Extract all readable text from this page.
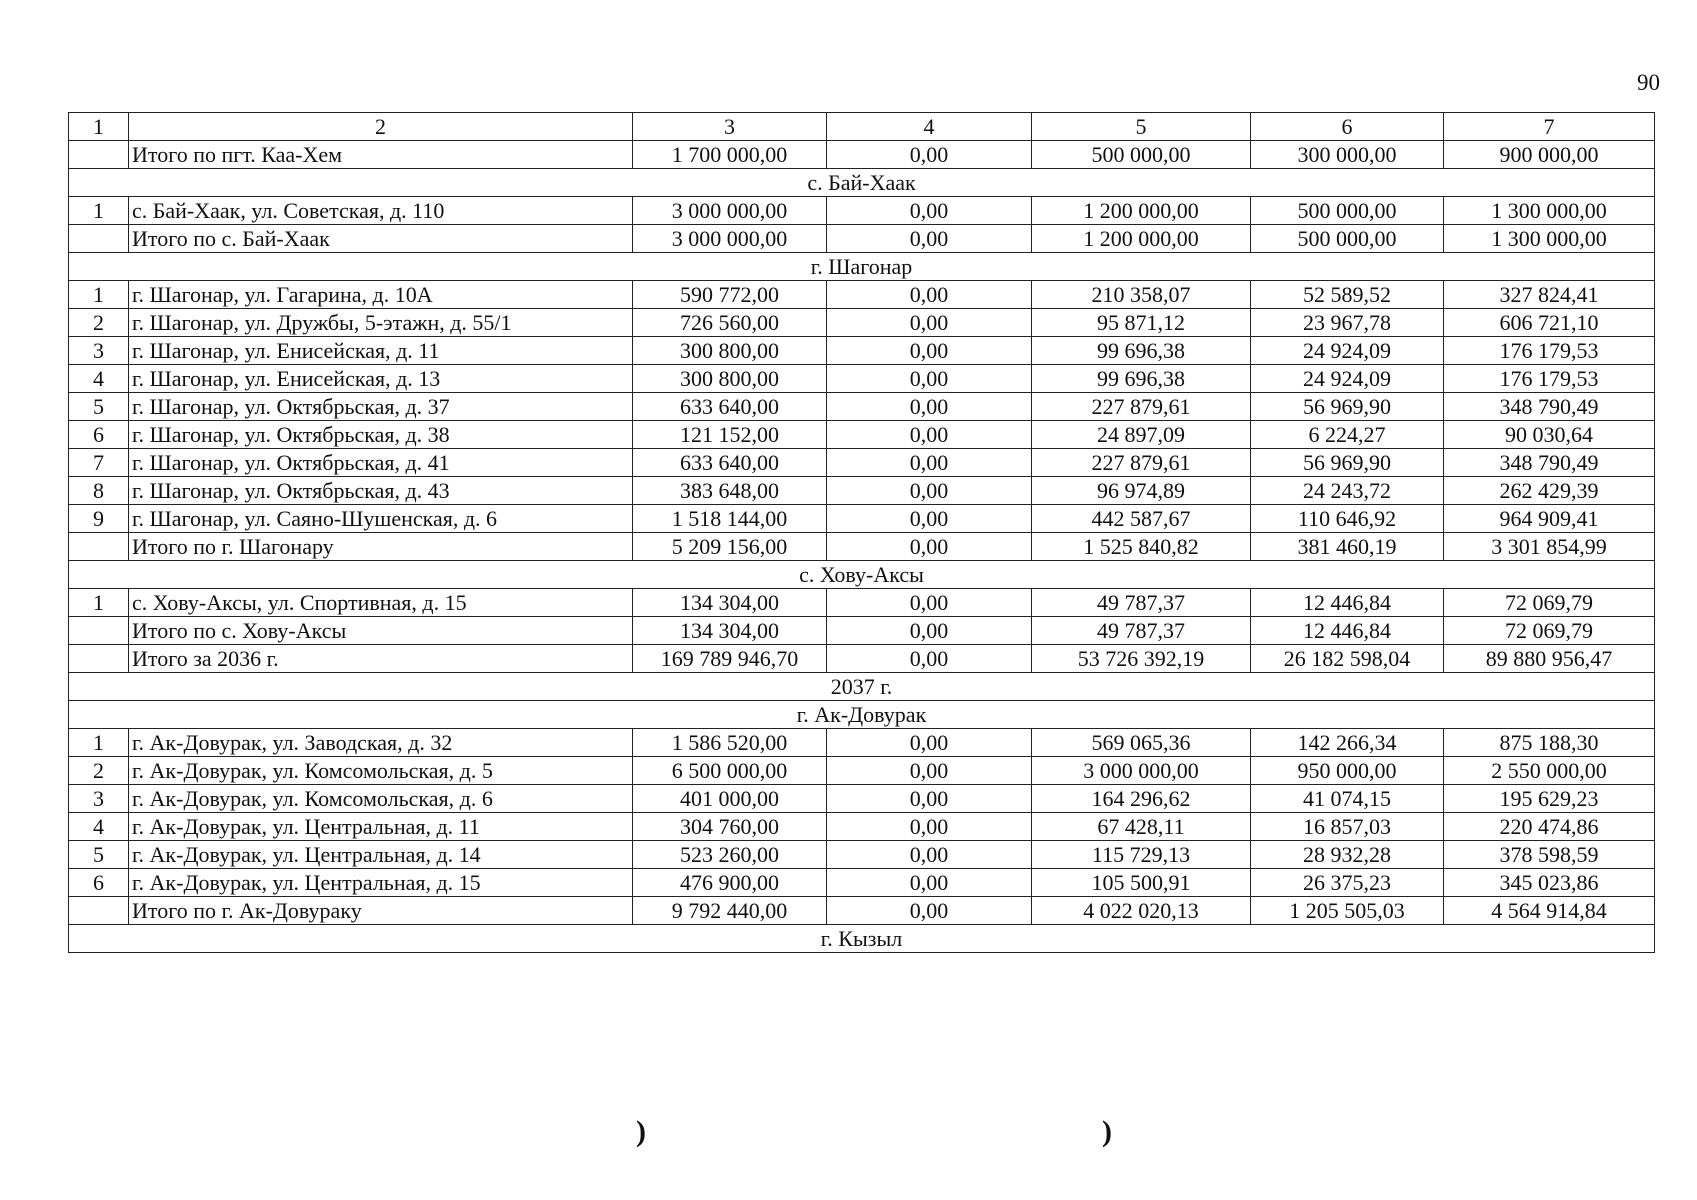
90
1	2	3	4	5	6	7
	Итого по пгт. Каа-Хем	1 700 000,00	0,00	500 000,00	300 000,00	900 000,00
с. Бай-Хаак						
1	с. Бай-Хаак, ул. Советская, д. 110	3 000 000,00	0,00	1 200 000,00	500 000,00	1 300 000,00
	Итого по с. Бай-Хаак	3 000 000,00	0,00	1 200 000,00	500 000,00	1 300 000,00
г. Шагонар						
1	г. Шагонар, ул. Гагарина, д. 10А	590 772,00	0,00	210 358,07	52 589,52	327 824,41
2	г. Шагонар, ул. Дружбы, 5-этажн, д. 55/1	726 560,00	0,00	95 871,12	23 967,78	606 721,10
3	г. Шагонар, ул. Енисейская, д. 11	300 800,00	0,00	99 696,38	24 924,09	176 179,53
4	г. Шагонар, ул. Енисейская, д. 13	300 800,00	0,00	99 696,38	24 924,09	176 179,53
5	г. Шагонар, ул. Октябрьская, д. 37	633 640,00	0,00	227 879,61	56 969,90	348 790,49
6	г. Шагонар, ул. Октябрьская, д. 38	121 152,00	0,00	24 897,09	6 224,27	90 030,64
7	г. Шагонар, ул. Октябрьская, д. 41	633 640,00	0,00	227 879,61	56 969,90	348 790,49
8	г. Шагонар, ул. Октябрьская, д. 43	383 648,00	0,00	96 974,89	24 243,72	262 429,39
9	г. Шагонар, ул. Саяно-Шушенская, д. 6	1 518 144,00	0,00	442 587,67	110 646,92	964 909,41
	Итого по г. Шагонару	5 209 156,00	0,00	1 525 840,82	381 460,19	3 301 854,99
с. Хову-Аксы						
1	с. Хову-Аксы, ул. Спортивная, д. 15	134 304,00	0,00	49 787,37	12 446,84	72 069,79
	Итого по с. Хову-Аксы	134 304,00	0,00	49 787,37	12 446,84	72 069,79
	Итого за 2036 г.	169 789 946,70	0,00	53 726 392,19	26 182 598,04	89 880 956,47
2037 г.						
г. Ак-Довурак						
1	г. Ак-Довурак, ул. Заводская, д. 32	1 586 520,00	0,00	569 065,36	142 266,34	875 188,30
2	г. Ак-Довурак, ул. Комсомольская, д. 5	6 500 000,00	0,00	3 000 000,00	950 000,00	2 550 000,00
3	г. Ак-Довурак, ул. Комсомольская, д. 6	401 000,00	0,00	164 296,62	41 074,15	195 629,23
4	г. Ак-Довурак, ул. Центральная, д. 11	304 760,00	0,00	67 428,11	16 857,03	220 474,86
5	г. Ак-Довурак, ул. Центральная, д. 14	523 260,00	0,00	115 729,13	28 932,28	378 598,59
6	г. Ак-Довурак, ул. Центральная, д. 15	476 900,00	0,00	105 500,91	26 375,23	345 023,86
	Итого по г. Ак-Довураку	9 792 440,00	0,00	4 022 020,13	1 205 505,03	4 564 914,84
г. Кызыл						
)	)
